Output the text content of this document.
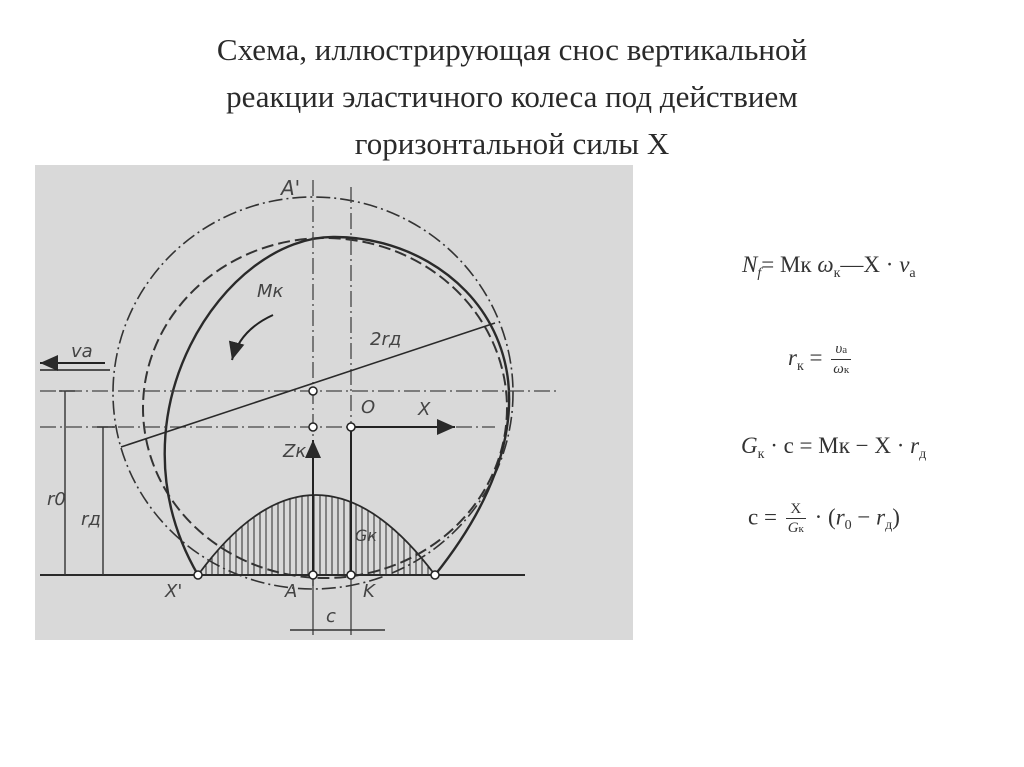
Схема, иллюстрирующая снос вертикальной
реакции эластичного колеса под действием
горизонтальной силы X
A'
Mк
2rд
va
O X
Zк
r0
rд
Gк
X'	A	K
c
$N_f=$ Mк $\omega_к—X \cdot v_a$
$r_к = \frac{\upsilon a}{\omega к}$
$G_к \cdot c$ = Mк − $X \cdot r_д$
$c = \frac{X}{Gк} \cdot (r_0 - r_д)$
